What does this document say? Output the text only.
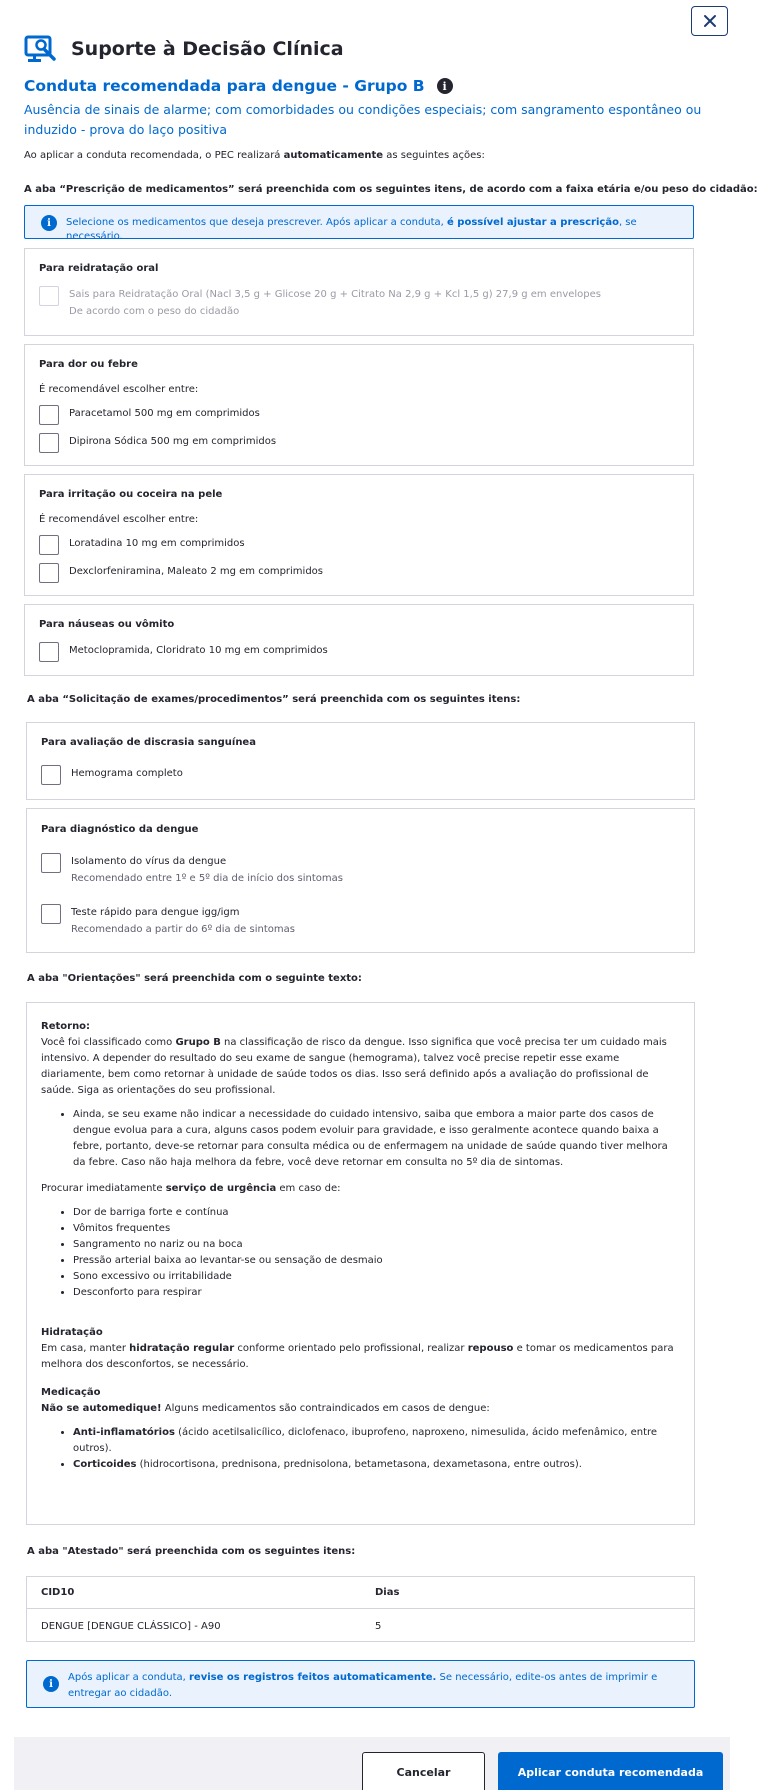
Suporte à Decisão Clínica
Conduta recomendada para dengue - Grupo B	i
Ausência de sinais de alarme; com comorbidades ou condições especiais; com sangramento espontâneo ou induzido - prova do laço positiva
Ao aplicar a conduta recomendada, o PEC realizará automaticamente as seguintes ações:
A aba “Prescrição de medicamentos” será preenchida com os seguintes itens, de acordo com a faixa etária e/ou peso do cidadão:
i	Selecione os medicamentos que deseja prescrever. Após aplicar a conduta, é possível ajustar a prescrição, se necessário.
Para reidratação oral
Sais para Reidratação Oral (Nacl 3,5 g + Glicose 20 g + Citrato Na 2,9 g + Kcl 1,5 g) 27,9 g em envelopes
De acordo com o peso do cidadão
Para dor ou febre
É recomendável escolher entre:
Paracetamol 500 mg em comprimidos
Dipirona Sódica 500 mg em comprimidos
Para irritação ou coceira na pele
É recomendável escolher entre:
Loratadina 10 mg em comprimidos
Dexclorfeniramina, Maleato 2 mg em comprimidos
Para náuseas ou vômito
Metoclopramida, Cloridrato 10 mg em comprimidos
A aba “Solicitação de exames/procedimentos” será preenchida com os seguintes itens:
Para avaliação de discrasia sanguínea
Hemograma completo
Para diagnóstico da dengue
Isolamento do vírus da dengue
Recomendado entre 1º e 5º dia de início dos sintomas
Teste rápido para dengue igg/igm
Recomendado a partir do 6º dia de sintomas
A aba "Orientações" será preenchida com o seguinte texto:
Retorno:

Você foi classificado como Grupo B na classificação de risco da dengue. Isso significa que você precisa ter um cuidado mais intensivo. A depender do resultado do seu exame de sangue (hemograma), talvez você precise repetir esse exame diariamente, bem como retornar à unidade de saúde todos os dias. Isso será definido após a avaliação do profissional de saúde. Siga as orientações do seu profissional.

• Ainda, se seu exame não indicar a necessidade do cuidado intensivo, saiba que embora a maior parte dos casos de dengue evolua para a cura, alguns casos podem evoluir para gravidade, e isso geralmente acontece quando baixa a febre, portanto, deve-se retornar para consulta médica ou de enfermagem na unidade de saúde quando tiver melhora da febre. Caso não haja melhora da febre, você deve retornar em consulta no 5º dia de sintomas.

Procurar imediatamente serviço de urgência em caso de:

• Dor de barriga forte e contínua
• Vômitos frequentes
• Sangramento no nariz ou na boca
• Pressão arterial baixa ao levantar-se ou sensação de desmaio
• Sono excessivo ou irritabilidade
• Desconforto para respirar
Hidratação

Em casa, manter hidratação regular conforme orientado pelo profissional, realizar repouso e tomar os medicamentos para melhora dos desconfortos, se necessário.

Medicação

Não se automedique! Alguns medicamentos são contraindicados em casos de dengue:

• Anti-inflamatórios (ácido acetilsalicílico, diclofenaco, ibuprofeno, naproxeno, nimesulida, ácido mefenâmico, entre outros).
• Corticoides (hidrocortisona, prednisona, prednisolona, betametasona, dexametasona, entre outros).
A aba "Atestado" será preenchida com os seguintes itens:
CID10	Dias
DENGUE [DENGUE CLÁSSICO] - A90	5
i
Após aplicar a conduta, revise os registros feitos automaticamente. Se necessário, edite-os antes de imprimir e entregar ao cidadão.
Cancelar	Aplicar conduta recomendada
